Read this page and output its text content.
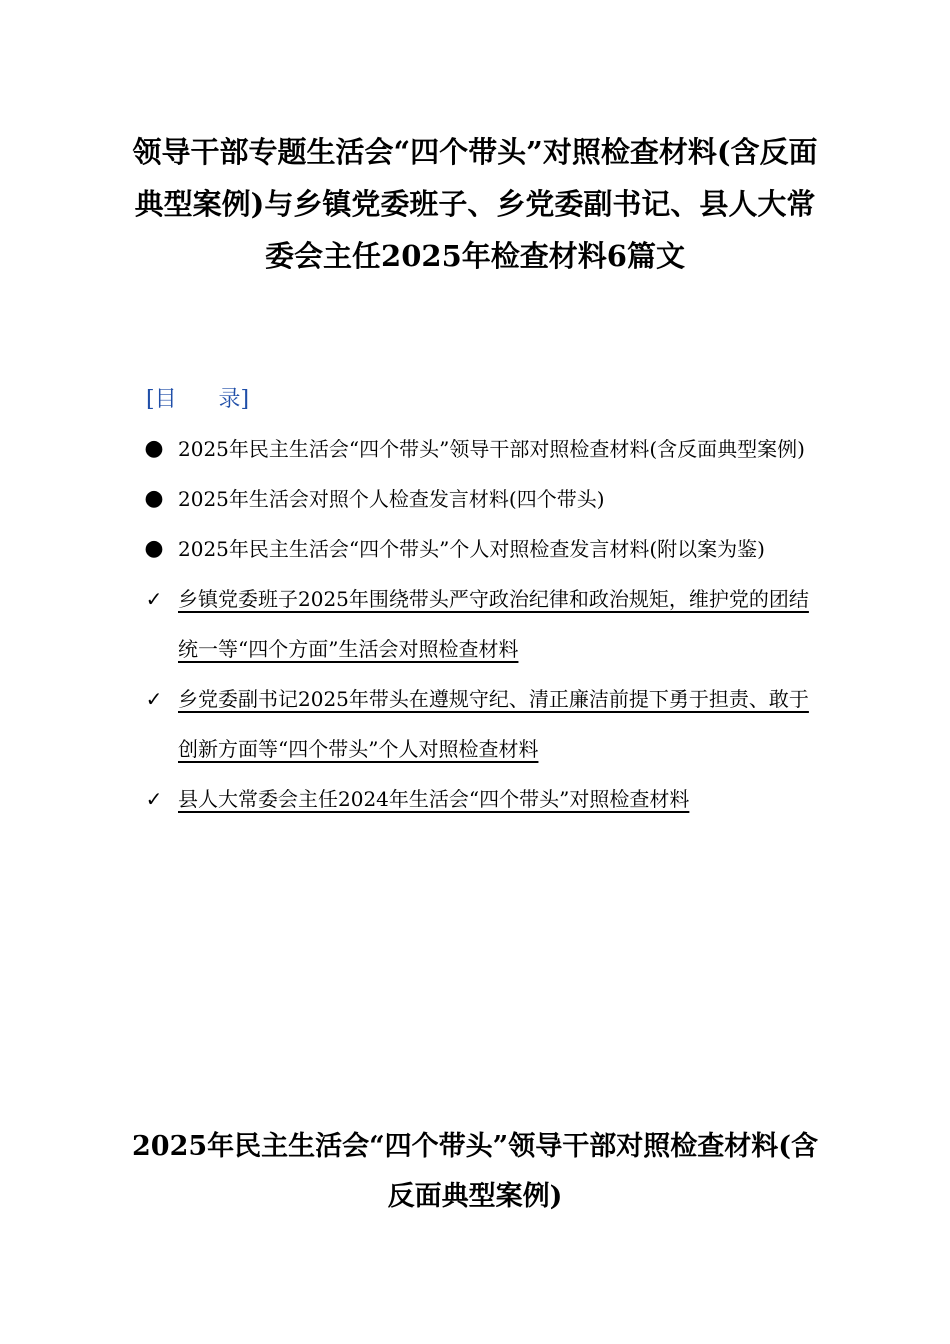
领导干部专题生活会“四个带头”对照检查材料(含反面典型案例)与乡镇党委班子、乡党委副书记、县人大常委会主任2025年检查材料6篇文

[目      录]

● 2025年民主生活会“四个带头”领导干部对照检查材料(含反面典型案例)
● 2025年生活会对照个人检查发言材料(四个带头)
● 2025年民主生活会“四个带头”个人对照检查发言材料(附以案为鉴)
✓ 乡镇党委班子2025年围绕带头严守政治纪律和政治规矩，维护党的团结统一等“四个方面”生活会对照检查材料
✓ 乡党委副书记2025年带头在遵规守纪、清正廉洁前提下勇于担责、敢于创新方面等“四个带头”个人对照检查材料
✓ 县人大常委会主任2024年生活会“四个带头”对照检查材料
2025年民主生活会“四个带头”领导干部对照检查材料(含反面典型案例)
